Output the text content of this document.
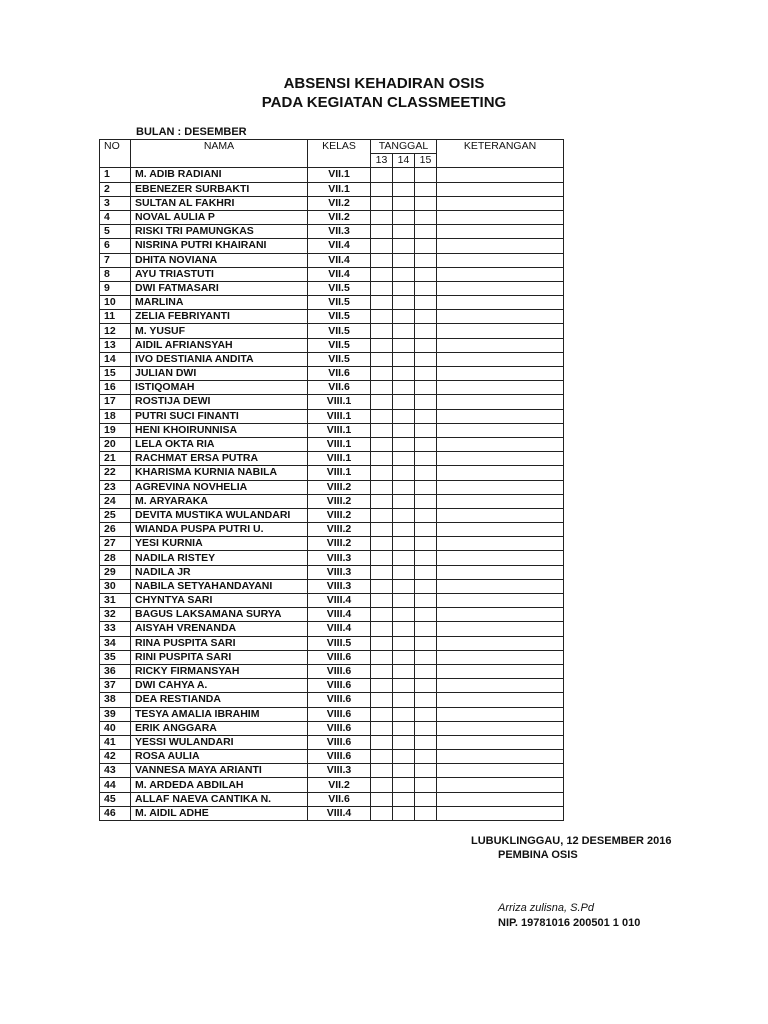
ABSENSI KEHADIRAN OSIS
PADA KEGIATAN CLASSMEETING
BULAN : DESEMBER
NO	NAMA	KELAS	TANGGAL			KETERANGAN
			13	14	15	
1	M. ADIB RADIANI	VII.1				
2	EBENEZER SURBAKTI	VII.1				
3	SULTAN AL FAKHRI	VII.2				
4	NOVAL AULIA P	VII.2				
5	RISKI TRI PAMUNGKAS	VII.3				
6	NISRINA PUTRI KHAIRANI	VII.4				
7	DHITA NOVIANA	VII.4				
8	AYU TRIASTUTI	VII.4				
9	DWI FATMASARI	VII.5				
10	MARLINA	VII.5				
11	ZELIA FEBRIYANTI	VII.5				
12	M. YUSUF	VII.5				
13	AIDIL AFRIANSYAH	VII.5				
14	IVO DESTIANIA ANDITA	VII.5				
15	JULIAN DWI	VII.6				
16	ISTIQOMAH	VII.6				
17	ROSTIJA DEWI	VIII.1				
18	PUTRI SUCI FINANTI	VIII.1				
19	HENI KHOIRUNNISA	VIII.1				
20	LELA OKTA RIA	VIII.1				
21	RACHMAT ERSA PUTRA	VIII.1				
22	KHARISMA KURNIA NABILA	VIII.1				
23	AGREVINA NOVHELIA	VIII.2				
24	M. ARYARAKA	VIII.2				
25	DEVITA MUSTIKA WULANDARI	VIII.2				
26	WIANDA PUSPA PUTRI U.	VIII.2				
27	YESI KURNIA	VIII.2				
28	NADILA RISTEY	VIII.3				
29	NADILA JR	VIII.3				
30	NABILA SETYAHANDAYANI	VIII.3				
31	CHYNTYA SARI	VIII.4				
32	BAGUS LAKSAMANA SURYA	VIII.4				
33	AISYAH VRENANDA	VIII.4				
34	RINA PUSPITA SARI	VIII.5				
35	RINI PUSPITA SARI	VIII.6				
36	RICKY FIRMANSYAH	VIII.6				
37	DWI CAHYA A.	VIII.6				
38	DEA RESTIANDA	VIII.6				
39	TESYA AMALIA IBRAHIM	VIII.6				
40	ERIK ANGGARA	VIII.6				
41	YESSI WULANDARI	VIII.6				
42	ROSA AULIA	VIII.6				
43	VANNESA MAYA ARIANTI	VIII.3				
44	M. ARDEDA ABDILAH	VII.2				
45	ALLAF NAEVA CANTIKA N.	VII.6				
46	M. AIDIL ADHE	VIII.4				
LUBUKLINGGAU, 12 DESEMBER 2016
PEMBINA OSIS
Arriza zulisna, S.Pd
NIP. 19781016 200501 1 010
